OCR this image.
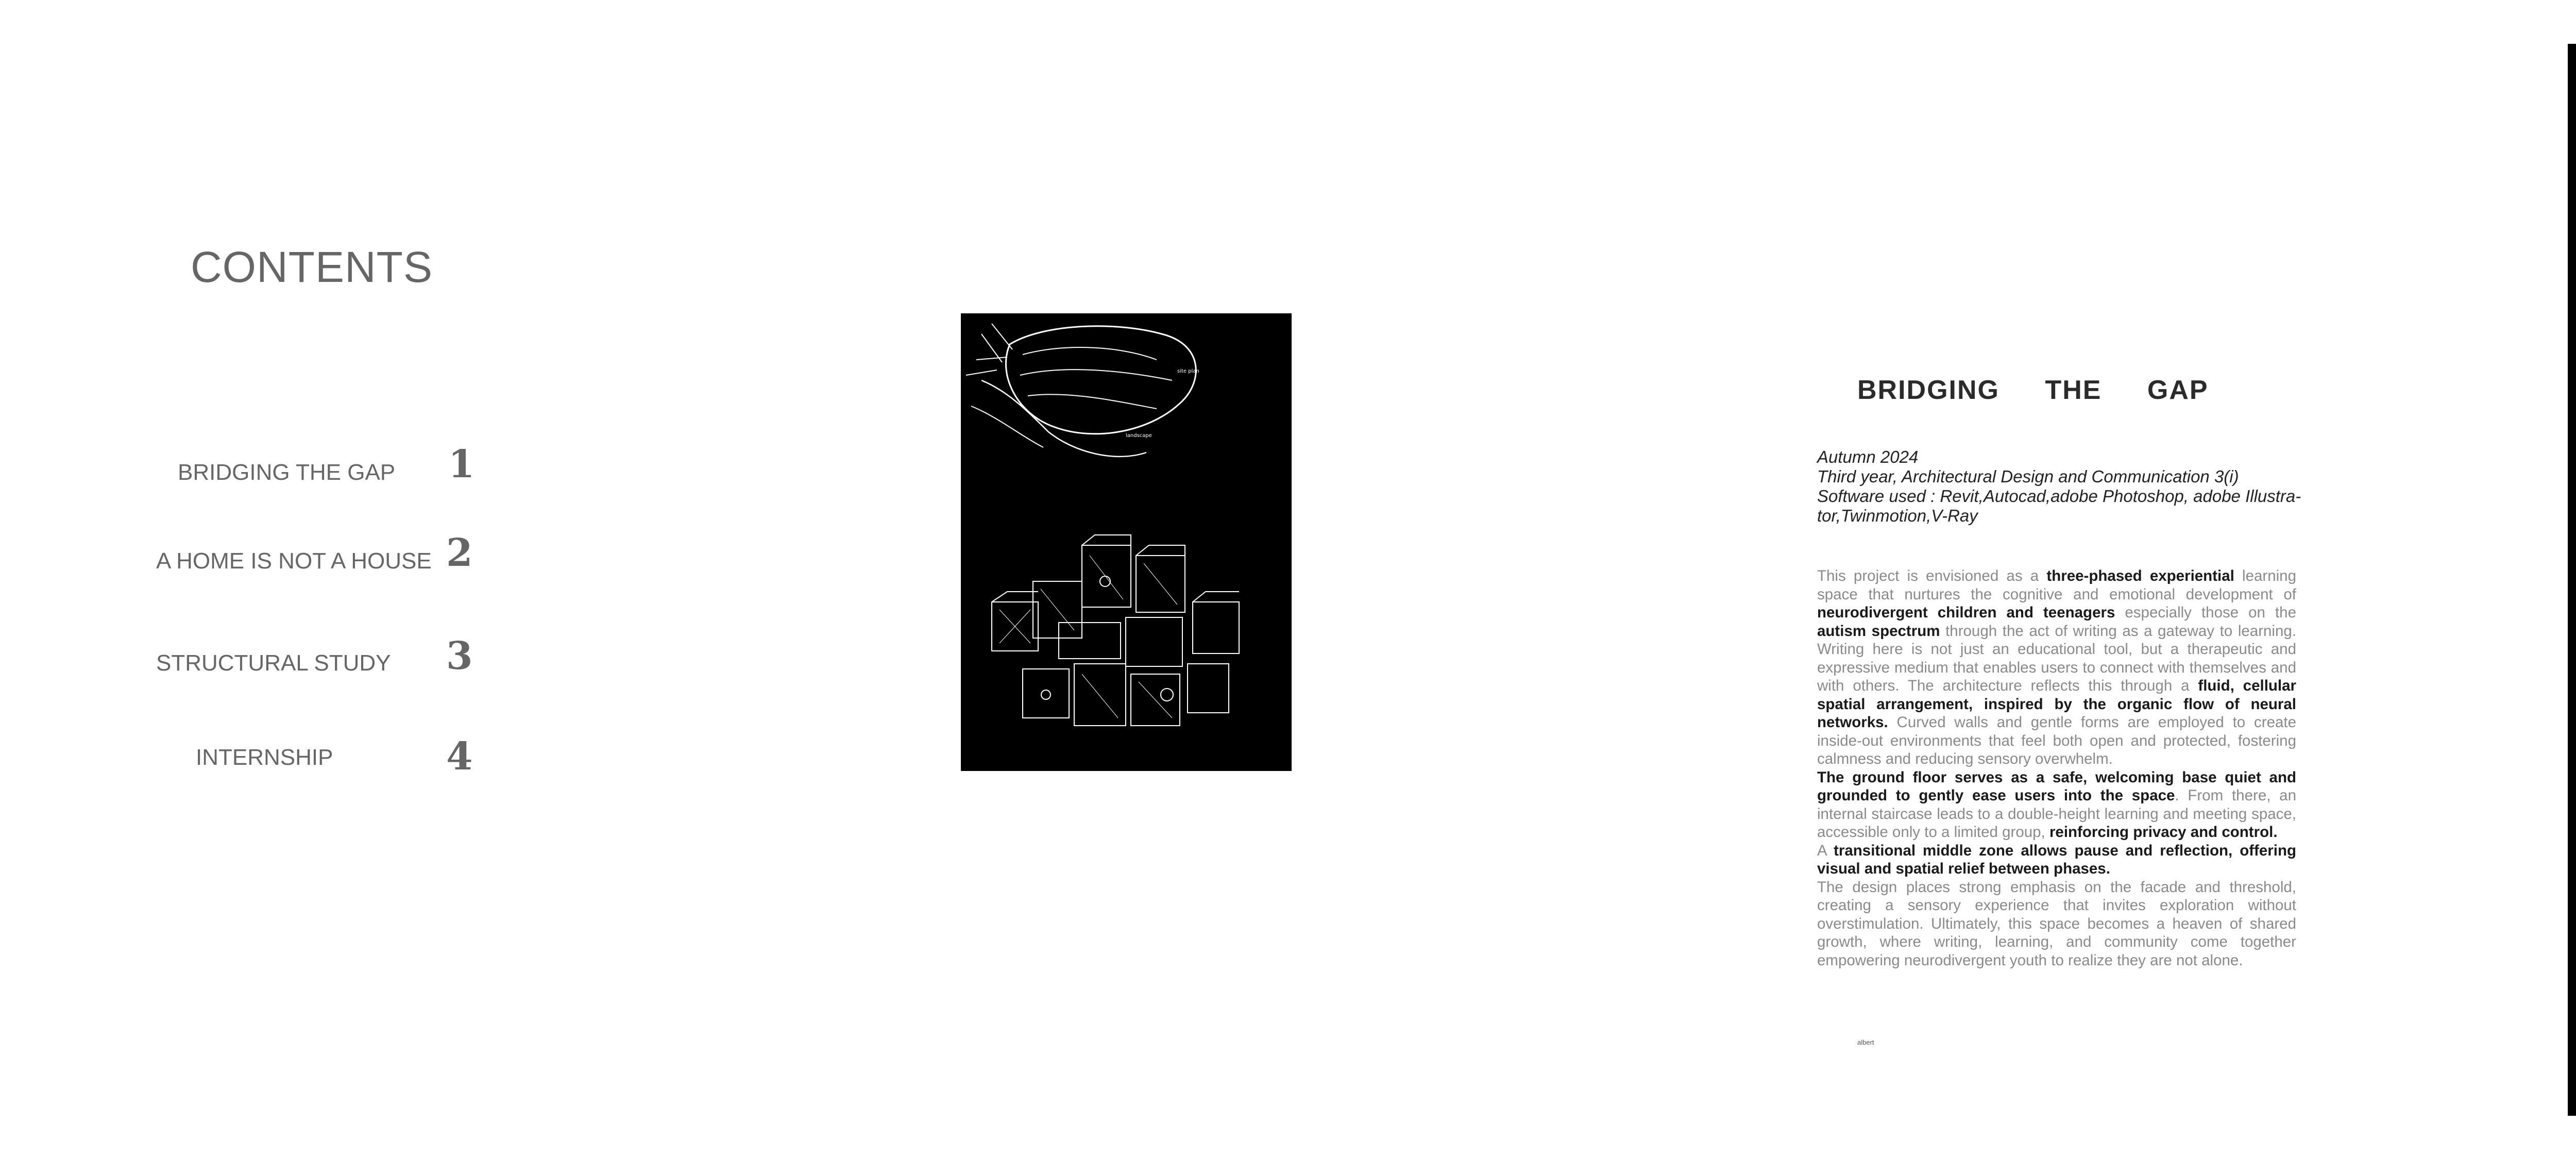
CONTENTS
BRIDGING THE GAP 1
A HOME IS NOT A HOUSE 2
STRUCTURAL STUDY 3
INTERNSHIP	4
site plan
landscape
BRIDGING THE GAP
Autumn 2024
Third year, Architectural Design and Communication 3(i)
Software used : Revit,Autocad,adobe Photoshop, adobe Illustra-
tor,Twinmotion,V-Ray

This project is envisioned as a three-phased experiential learning space that nurtures the cognitive and emotional development of neurodivergent children and teenagers especially those on the autism spectrum through the act of writing as a gateway to learning. Writing here is not just an educational tool, but a therapeutic and expressive medium that enables users to connect with themselves and with others. The architecture reflects this through a fluid, cellular spatial arrangement, inspired by the organic flow of neural networks. Curved walls and gentle forms are employed to create inside-out environments that feel both open and protected, fostering calmness and reducing sensory overwhelm.

The ground floor serves as a safe, welcoming base quiet and grounded to gently ease users into the space. From there, an internal staircase leads to a double-height learning and meeting space, accessible only to a limited group, reinforcing privacy and control.

A transitional middle zone allows pause and reflection, offering visual and spatial relief between phases.

The design places strong emphasis on the facade and threshold, creating a sensory experience that invites exploration without overstimulation. Ultimately, this space becomes a heaven of shared growth, where writing, learning, and community come together empowering neurodivergent youth to realize they are not alone.

albert
